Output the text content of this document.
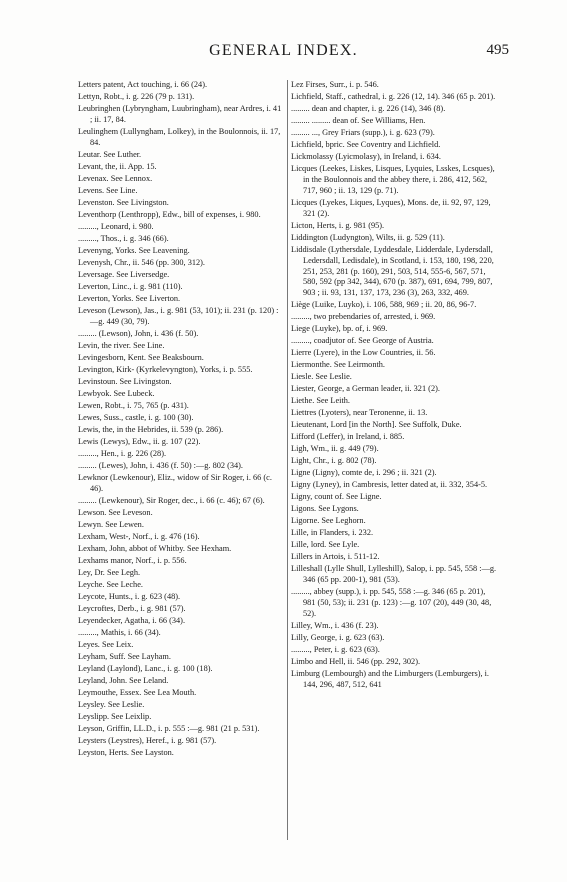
GENERAL INDEX.	495
Letters patent, Act touching, i. 66 (24).
Lettyn, Robt., i. g. 226 (79 p. 131).
Leubringhen (Lybryngham, Luubringham), near Ardres, i. 41 ; ii. 17, 84.
Leulinghem (Lullyngham, Lolkey), in the Boulonnois, ii. 17, 84.
Leutar. See Luther.
Levant, the, ii. App. 15.
Levenax. See Lennox.
Levens. See Line.
Levenston. See Livingston.
Leventhorp (Lenthropp), Edw., bill of expenses, i. 980.
........., Leonard, i. 980.
........., Thos., i. g. 346 (66).
Levenyng, Yorks. See Leavening.
Levenysh, Chr., ii. 546 (pp. 300, 312).
Leversage. See Liversedge.
Leverton, Linc., i. g. 981 (110).
Leverton, Yorks. See Liverton.
Leveson (Lewson), Jas., i. g. 981 (53, 101); ii. 231 (p. 120) :—g. 449 (30, 79).
......... (Lewson), John, i. 436 (f. 50).
Levin, the river. See Line.
Levingesborn, Kent. See Beaksbourn.
Levington, Kirk- (Kyrkelevyngton), Yorks, i. p. 555.
Levinstoun. See Livingston.
Lewbyok. See Lubeck.
Lewen, Robt., i. 75, 765 (p. 431).
Lewes, Suss., castle, i. g. 100 (30).
Lewis, the, in the Hebrides, ii. 539 (p. 286).
Lewis (Lewys), Edw., ii. g. 107 (22).
........., Hen., i. g. 226 (28).
......... (Lewes), John, i. 436 (f. 50) :—g. 802 (34).
Lewknor (Lewkenour), Eliz., widow of Sir Roger, i. 66 (c. 46).
......... (Lewkenour), Sir Roger, dec., i. 66 (c. 46); 67 (6).
Lewson. See Leveson.
Lewyn. See Lewen.
Lexham, West-, Norf., i. g. 476 (16).
Lexham, John, abbot of Whitby. See Hexham.
Lexhams manor, Norf., i. p. 556.
Ley, Dr. See Legh.
Leyche. See Leche.
Leycote, Hunts., i. g. 623 (48).
Leycroftes, Derb., i. g. 981 (57).
Leyendecker, Agatha, i. 66 (34).
........., Mathis, i. 66 (34).
Leyes. See Leix.
Leyham, Suff. See Layham.
Leyland (Laylond), Lanc., i. g. 100 (18).
Leyland, John. See Leland.
Leymouthe, Essex. See Lea Mouth.
Leysley. See Leslie.
Leyslipp. See Leixlip.
Leyson, Griffin, LL.D., i. p. 555 :—g. 981 (21 p. 531).
Leysters (Leystres), Heref., i. g. 981 (57).
Leyston, Herts. See Layston.
Lez Firses, Surr., i. p. 546.
Lichfield, Staff., cathedral, i. g. 226 (12, 14). 346 (65 p. 201).
......... dean and chapter, i. g. 226 (14), 346 (8).
......... ......... dean of. See Williams, Hen.
......... ..., Grey Friars (supp.), i. g. 623 (79).
Lichfield, bpric. See Coventry and Lichfield.
Lickmolassy (Lyicmolasy), in Ireland, i. 634.
Licques (Leekes, Liskes, Lisques, Lyquies, Lsskes, Lcsques), in the Boulonnois and the abbey there, i. 286, 412, 562, 717, 960 ; ii. 13, 129 (p. 71).
Licques (Lyekes, Liques, Lyques), Mons. de, ii. 92, 97, 129, 321 (2).
Licton, Herts, i. g. 981 (95).
Liddington (Ludyngton), Wilts, ii. g. 529 (11).
Liddisdale (Lythersdale, Lyddesdale, Lidderdale, Lydersdall, Ledersdall, Ledisdale), in Scotland, i. 153, 180, 198, 220, 251, 253, 281 (p. 160), 291, 503, 514, 555-6, 567, 571, 580, 592 (pp 342, 344), 670 (p. 387), 691, 694, 799, 807, 903 ; ii. 93, 131, 137, 173, 236 (3), 263, 332, 469.
Liège (Luike, Luyko), i. 106, 588, 969 ; ii. 20, 86, 96-7.
........., two prebendaries of, arrested, i. 969.
Liege (Luyke), bp. of, i. 969.
........., coadjutor of. See George of Austria.
Lierre (Lyere), in the Low Countries, ii. 56.
Liermonthe. See Leirmonth.
Liesle. See Leslie.
Liester, George, a German leader, ii. 321 (2).
Liethe. See Leith.
Liettres (Lyoters), near Teronenne, ii. 13.
Lieutenant, Lord [in the North]. See Suffolk, Duke.
Lifford (Leffer), in Ireland, i. 885.
Ligh, Wm., ii. g. 449 (79).
Light, Chr., i. g. 802 (78).
Ligne (Ligny), comte de, i. 296 ; ii. 321 (2).
Ligny (Lyney), in Cambresis, letter dated at, ii. 332, 354-5.
Ligny, count of. See Ligne.
Ligons. See Lygons.
Ligorne. See Leghorn.
Lille, in Flanders, i. 232.
Lille, lord. See Lyle.
Lillers in Artois, i. 511-12.
Lilleshall (Lylle Shull, Lylleshill), Salop, i. pp. 545, 558 :—g. 346 (65 pp. 200-1), 981 (53).
........., abbey (supp.), i. pp. 545, 558 :—g. 346 (65 p. 201), 981 (50, 53); ii. 231 (p. 123) :—g. 107 (20), 449 (30, 48, 52).
Lilley, Wm., i. 436 (f. 23).
Lilly, George, i. g. 623 (63).
........., Peter, i. g. 623 (63).
Limbo and Hell, ii. 546 (pp. 292, 302).
Limburg (Lembourgh) and the Limburgers (Lemburgers), i. 144, 296, 487, 512, 641
